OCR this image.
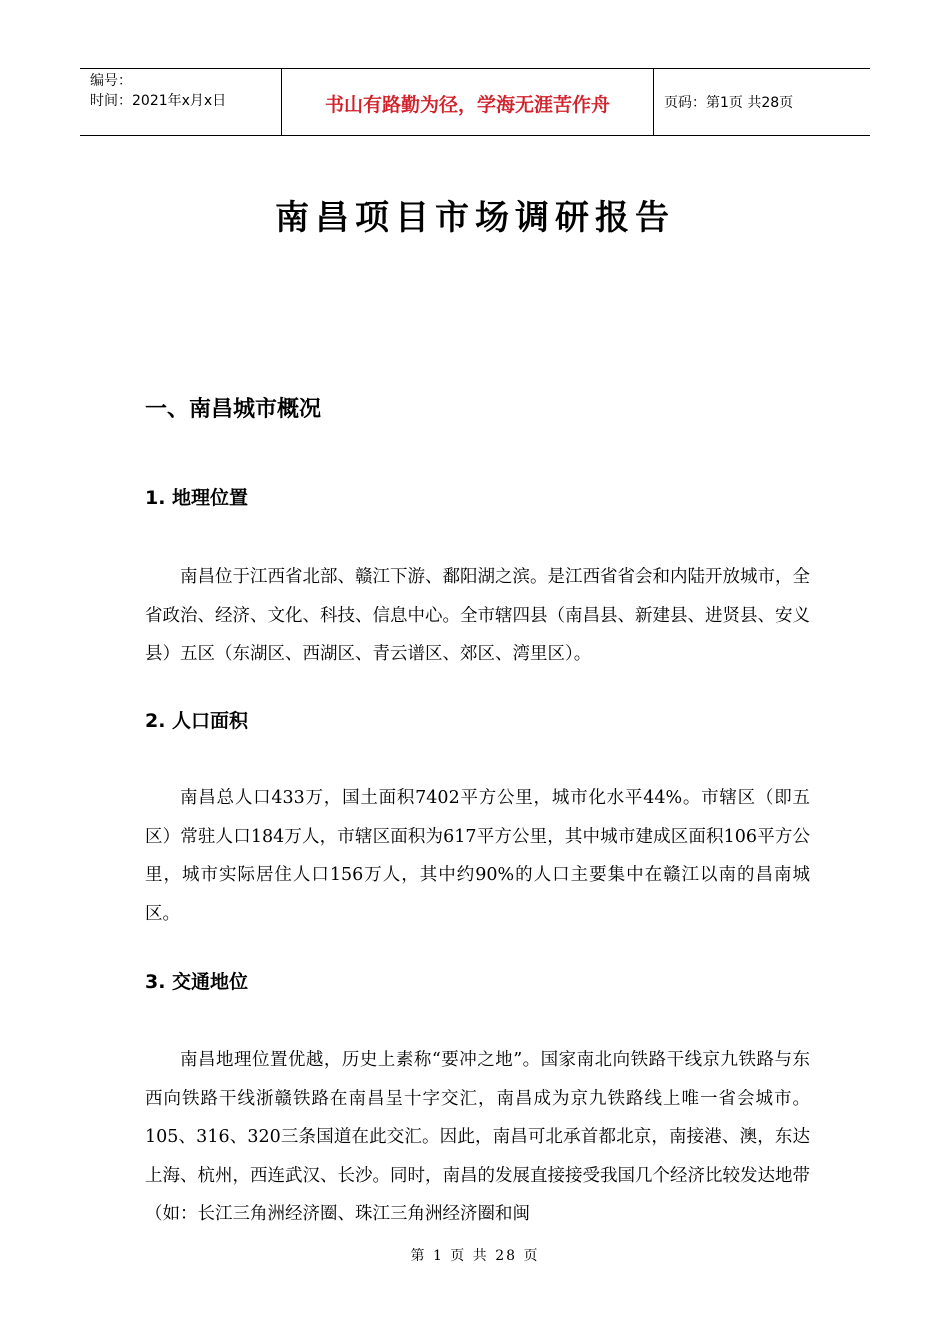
编号：
时间：2021年x月x日	书山有路勤为径，学海无涯苦作舟	页码：第1页 共28页
南昌项目市场调研报告
一、南昌城市概况
1. 地理位置
南昌位于江西省北部、赣江下游、鄱阳湖之滨。是江西省省会和内陆开放城市，全省政治、经济、文化、科技、信息中心。全市辖四县（南昌县、新建县、进贤县、安义县）五区（东湖区、西湖区、青云谱区、郊区、湾里区）。
2. 人口面积
南昌总人口433万，国土面积7402平方公里，城市化水平44%。市辖区（即五区）常驻人口184万人，市辖区面积为617平方公里，其中城市建成区面积106平方公里，城市实际居住人口156万人，其中约90%的人口主要集中在赣江以南的昌南城区。
3. 交通地位
南昌地理位置优越，历史上素称“要冲之地”。国家南北向铁路干线京九铁路与东西向铁路干线浙赣铁路在南昌呈十字交汇，南昌成为京九铁路线上唯一省会城市。105、316、320三条国道在此交汇。因此，南昌可北承首都北京，南接港、澳，东达上海、杭州，西连武汉、长沙。同时，南昌的发展直接接受我国几个经济比较发达地带（如：长江三角洲经济圈、珠江三角洲经济圈和闽
第 1 页 共 28 页
